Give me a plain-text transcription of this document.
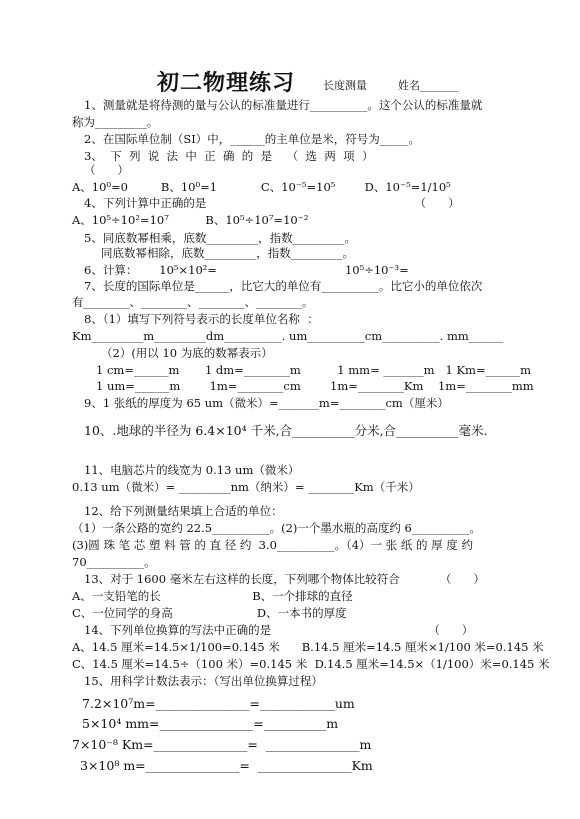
初二物理练习	长度测量	姓名_______
1、测量就是将待测的量与公认的标准量进行__________。这个公认的标准量就
称为_________。
2、在国际单位制（SI）中，______的主单位是米，符号为_____。
3、  下  列  说  法  中  正  确  的  是    （  选  两  项  ）
（      ）
A、10⁰=0         B、10⁰=1            C、10⁻⁵=10⁵        D、10⁻⁵=1/10⁵
4、下列计算中正确的是                                                         （      ）
A、10⁵÷10²=10⁷          B、10⁵÷10⁷=10⁻²
5、同底数幂相乘，底数_________，指数_________。
同底数幂相除，底数_________，指数_________。
6、计算：      10⁵×10²=                                   10⁵÷10⁻³=
7、长度的国际单位是______，比它大的单位有__________。比它小的单位依次
有________、________、________、________。
8、（1）填写下列符号表示的长度单位名称  ：
Km_________m_________dm__________. um__________cm__________. mm______
（2）(用以 10 为底的数幂表示）
1 cm=______m       1 dm=________m          1 mm= _______m   1 Km=______m
1 um=______m        1m=________cm        1m=________Km    1m=________mm
9、1 张纸的厚度为 65 um（微米）=_______m=________cm（厘米）
10、.地球的半径为 6.4×10⁴ 千米,合__________分米,合__________毫米.
11、电脑芯片的线宽为 0.13 um（微米）
0.13 um（微米）= _________nm（纳米）= ________Km（千米）
12、给下列测量结果填上合适的单位：
（1）一条公路的宽约 22.5__________。(2)一个墨水瓶的高度约 6__________。
(3)圆 珠 笔 芯 塑 料 管 的 直 径 约  3.0__________。（4）一 张 纸 的 厚 度 约
70__________。
13、对于 1600 毫米左右这样的长度，下列哪个物体比较符合           （      ）
A、一支铅笔的长                         B、一个排球的直径
C、一位同学的身高                       D、一本书的厚度
14、下列单位换算的写法中正确的是                                           （      ）
A、14.5 厘米=14.5×1/100=0.145 米      B.14.5 厘米=14.5 厘米×1/100 米=0.145 米
C、14.5 厘米=14.5÷（100 米）=0.145 米  D.14.5 厘米=14.5×（1/100）米=0.145 米
15、用科学计数法表示：（写出单位换算过程）
7.2×10⁷m=_______________=____________um
5×10⁴ mm=_______________=__________m
7×10⁻⁸ Km=_______________=  _______________m
3×10⁸ m=_______________=  _______________Km
